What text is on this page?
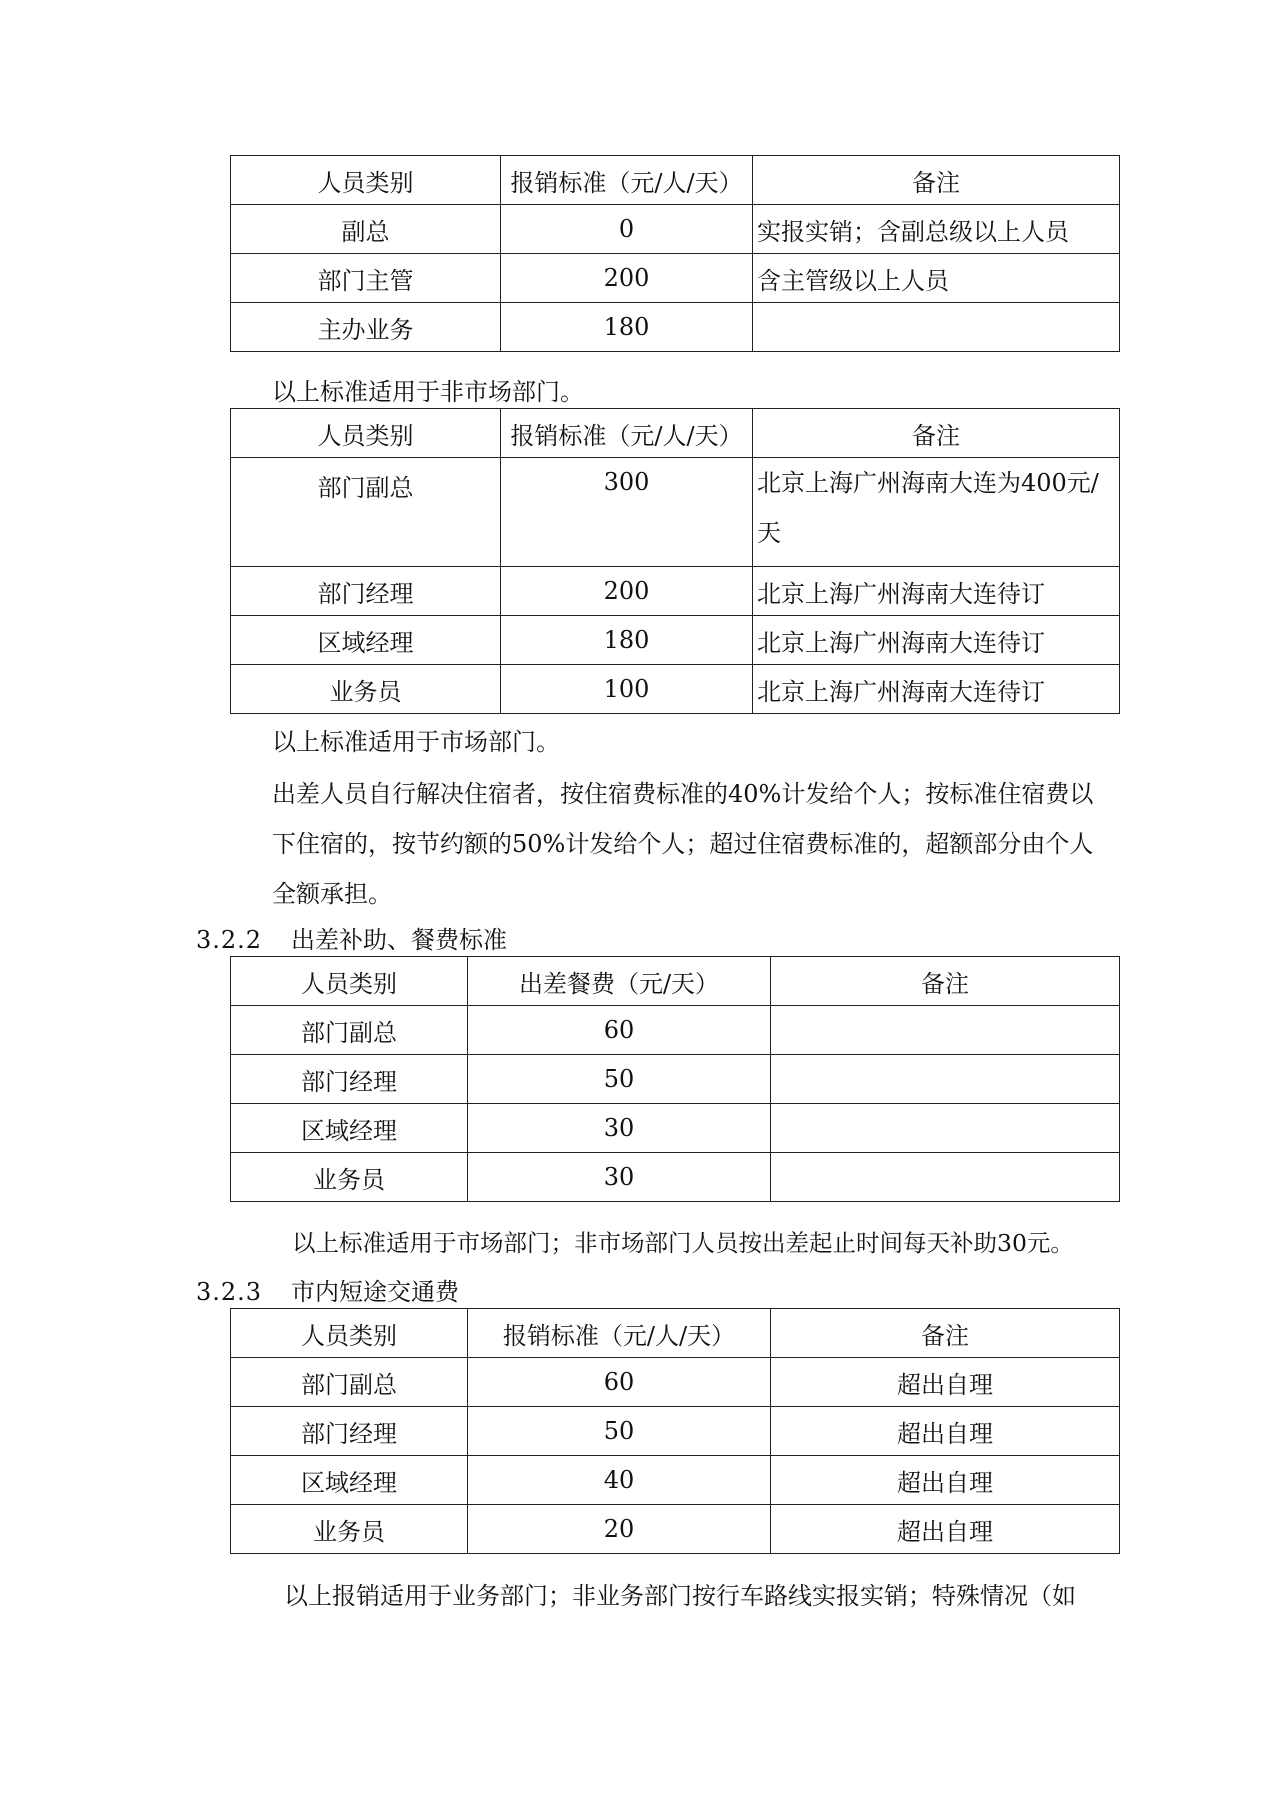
人员类别	报销标准（元/人/天）	备注
副总	0	实报实销；含副总级以上人员
部门主管	200	含主管级以上人员
主办业务	180	
以上标准适用于非市场部门。
人员类别	报销标准（元/人/天）	备注
部门副总	300	北京上海广州海南大连为400元/天
部门经理	200	北京上海广州海南大连待订
区域经理	180	北京上海广州海南大连待订
业务员	100	北京上海广州海南大连待订
以上标准适用于市场部门。
出差人员自行解决住宿者，按住宿费标准的40%计发给个人；按标准住宿费以
下住宿的，按节约额的50%计发给个人；超过住宿费标准的，超额部分由个人
全额承担。
3.2.2 出差补助、餐费标准
人员类别	出差餐费（元/天）	备注
部门副总	60	
部门经理	50	
区域经理	30	
业务员	30	
以上标准适用于市场部门；非市场部门人员按出差起止时间每天补助30元。
3.2.3 市内短途交通费
人员类别	报销标准（元/人/天）	备注
部门副总	60	超出自理
部门经理	50	超出自理
区域经理	40	超出自理
业务员	20	超出自理
以上报销适用于业务部门；非业务部门按行车路线实报实销；特殊情况（如
